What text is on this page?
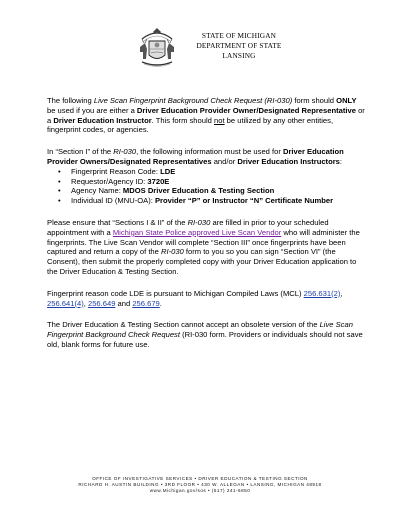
STATE OF MICHIGAN
DEPARTMENT OF STATE
LANSING

The following Live Scan Fingerprint Background Check Request (RI-030) form should ONLY be used if you are either a Driver Education Provider Owner/Designated Representative or a Driver Education Instructor. This form should not be utilized by any other entities, fingerprint codes, or agencies.

In “Section I” of the RI-030, the following information must be used for Driver Education Provider Owners/Designated Representatives and/or Driver Education Instructors:

• Fingerprint Reason Code: LDE
• Requestor/Agency ID: 3720E
• Agency Name: MDOS Driver Education & Testing Section
• Individual ID (MNU-OA): Provider “P” or Instructor “N” Certificate Number

Please ensure that “Sections I & II” of the RI-030 are filled in prior to your scheduled appointment with a Michigan State Police approved Live Scan Vendor who will administer the fingerprints. The Live Scan Vendor will complete “Section III” once fingerprints have been captured and return a copy of the RI-030 form to you so you can sign “Section VI” (the Consent), then submit the properly completed copy with your Driver Education application to the Driver Education & Testing Section.

Fingerprint reason code LDE is pursuant to Michigan Compiled Laws (MCL) 256.631(2), 256.641(4), 256.649 and 256.679.

The Driver Education & Testing Section cannot accept an obsolete version of the Live Scan Fingerprint Background Check Request (RI-030 form. Providers or individuals should not save old, blank forms for future use.

OFFICE OF INVESTIGATIVE SERVICES • DRIVER EDUCATION & TESTING SECTION
RICHARD H. AUSTIN BUILDING • 3RD FLOOR • 430 W. ALLEGAN • LANSING, MICHIGAN 48918
www.Michigan.gov/sos • (517) 241-6850
